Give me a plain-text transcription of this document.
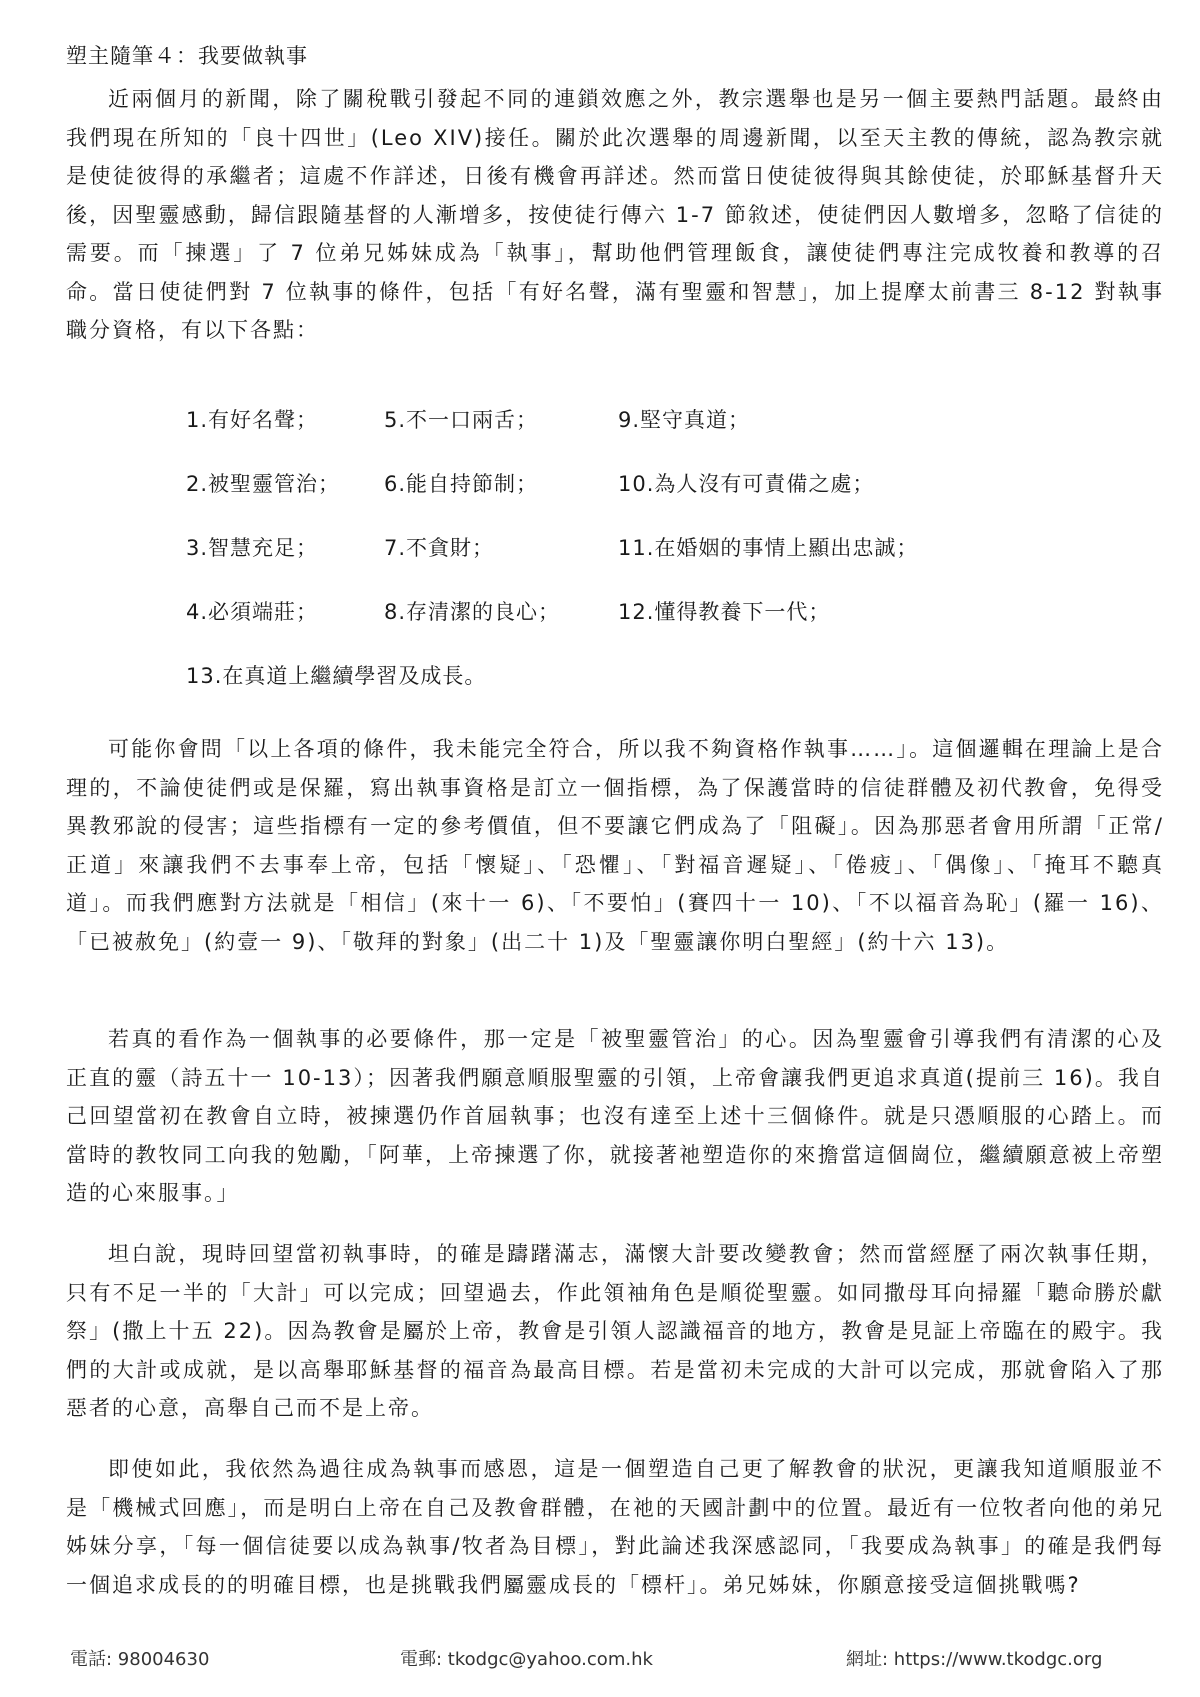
塑主隨筆４：我要做執事

近兩個月的新聞，除了關稅戰引發起不同的連鎖效應之外，教宗選舉也是另一個主要熱門話題。最終由我們現在所知的「良十四世」(Leo XIV)接任。關於此次選舉的周邊新聞，以至天主教的傳統，認為教宗就是使徒彼得的承繼者；這處不作詳述，日後有機會再詳述。然而當日使徒彼得與其餘使徒，於耶穌基督升天後，因聖靈感動，歸信跟隨基督的人漸增多，按使徒行傳六 1-7 節敘述，使徒們因人數增多，忽略了信徒的需要。而「揀選」了 7 位弟兄姊妹成為「執事」，幫助他們管理飯食，讓使徒們專注完成牧養和教導的召命。當日使徒們對 7 位執事的條件，包括「有好名聲，滿有聖靈和智慧」，加上提摩太前書三 8-12 對執事職分資格，有以下各點：

1.有好名聲；	5.不一口兩舌；	9.堅守真道；
2.被聖靈管治； 6.能自持節制；	10.為人沒有可責備之處；
3.智慧充足；	7.不貪財；	11.在婚姻的事情上顯出忠誠；
4.必須端莊；	8.存清潔的良心；	12.懂得教養下一代；
13.在真道上繼續學習及成長。

可能你會問「以上各項的條件，我未能完全符合，所以我不夠資格作執事……」。這個邏輯在理論上是合理的，不論使徒們或是保羅，寫出執事資格是訂立一個指標，為了保護當時的信徒群體及初代教會，免得受異教邪說的侵害；這些指標有一定的參考價值，但不要讓它們成為了「阻礙」。因為那惡者會用所謂「正常/正道」來讓我們不去事奉上帝，包括「懷疑」、「恐懼」、「對福音遲疑」、「倦疲」、「偶像」、「掩耳不聽真道」。而我們應對方法就是「相信」(來十一 6)、「不要怕」(賽四十一 10)、「不以福音為恥」(羅一 16)、「已被赦免」(約壹一 9)、「敬拜的對象」(出二十 1)及「聖靈讓你明白聖經」(約十六 13)。

若真的看作為一個執事的必要條件，那一定是「被聖靈管治」的心。因為聖靈會引導我們有清潔的心及正直的靈（詩五十一 10-13）；因著我們願意順服聖靈的引領，上帝會讓我們更追求真道(提前三 16)。我自己回望當初在教會自立時，被揀選仍作首屆執事；也沒有達至上述十三個條件。就是只憑順服的心踏上。而當時的教牧同工向我的勉勵，「阿華，上帝揀選了你，就接著祂塑造你的來擔當這個崗位，繼續願意被上帝塑造的心來服事。」

坦白說，現時回望當初執事時，的確是躊躇滿志，滿懷大計要改變教會；然而當經歷了兩次執事任期，只有不足一半的「大計」可以完成；回望過去，作此領袖角色是順從聖靈。如同撒母耳向掃羅「聽命勝於獻祭」(撒上十五 22)。因為教會是屬於上帝，教會是引領人認識福音的地方，教會是見証上帝臨在的殿宇。我們的大計或成就，是以高舉耶穌基督的福音為最高目標。若是當初未完成的大計可以完成，那就會陷入了那惡者的心意，高舉自己而不是上帝。

即使如此，我依然為過往成為執事而感恩，這是一個塑造自己更了解教會的狀況，更讓我知道順服並不是「機械式回應」，而是明白上帝在自己及教會群體，在祂的天國計劃中的位置。最近有一位牧者向他的弟兄姊妹分享，「每一個信徒要以成為執事/牧者為目標」，對此論述我深感認同，「我要成為執事」的確是我們每一個追求成長的的明確目標，也是挑戰我們屬靈成長的「標杆」。弟兄姊妹，你願意接受這個挑戰嗎?

電話: 98004630	電郵: tkodgc@yahoo.com.hk	網址: https://www.tkodgc.org
